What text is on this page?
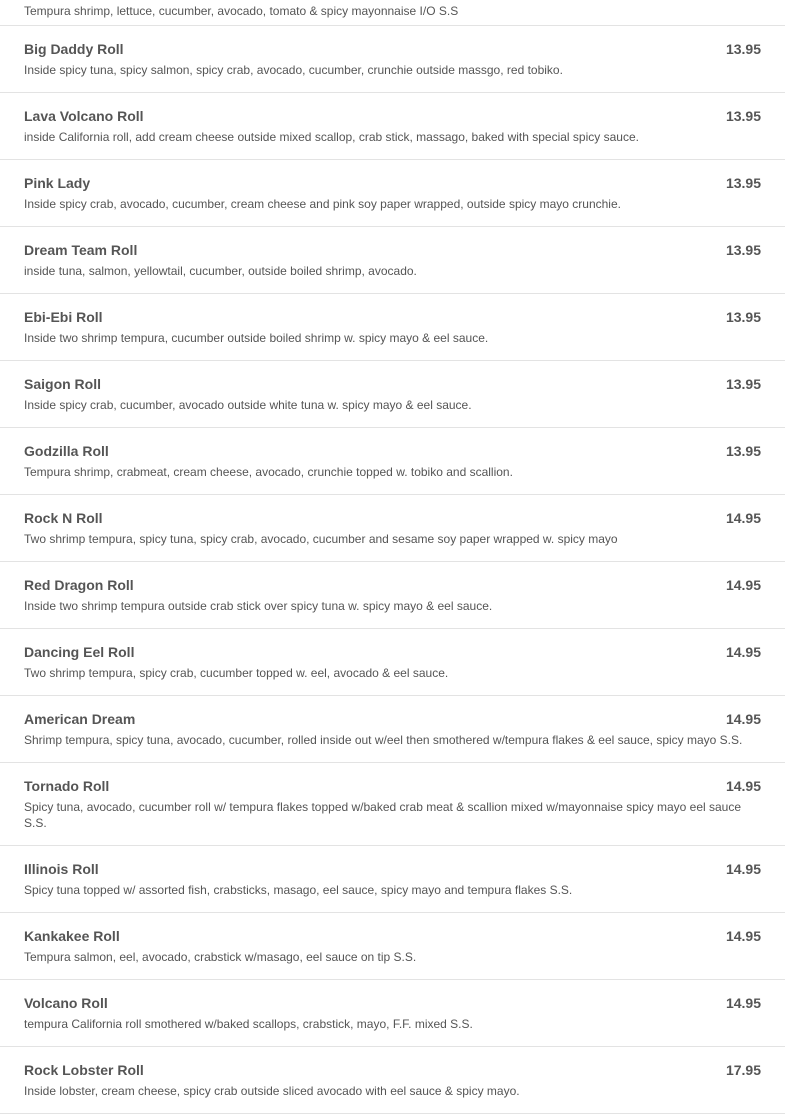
Tempura shrimp, lettuce, cucumber, avocado, tomato & spicy mayonnaise I/O S.S
Big Daddy Roll	13.95
Inside spicy tuna, spicy salmon, spicy crab, avocado, cucumber, crunchie outside massgo, red tobiko.
Lava Volcano Roll	13.95
inside California roll, add cream cheese outside mixed scallop, crab stick, massago, baked with special spicy sauce.
Pink Lady	13.95
Inside spicy crab, avocado, cucumber, cream cheese and pink soy paper wrapped, outside spicy mayo crunchie.
Dream Team Roll	13.95
inside tuna, salmon, yellowtail, cucumber, outside boiled shrimp, avocado.
Ebi-Ebi Roll	13.95
Inside two shrimp tempura, cucumber outside boiled shrimp w. spicy mayo & eel sauce.
Saigon Roll	13.95
Inside spicy crab, cucumber, avocado outside white tuna w. spicy mayo & eel sauce.
Godzilla Roll	13.95
Tempura shrimp, crabmeat, cream cheese, avocado, crunchie topped w. tobiko and scallion.
Rock N Roll	14.95
Two shrimp tempura, spicy tuna, spicy crab, avocado, cucumber and sesame soy paper wrapped w. spicy mayo
Red Dragon Roll	14.95
Inside two shrimp tempura outside crab stick over spicy tuna w. spicy mayo & eel sauce.
Dancing Eel Roll	14.95
Two shrimp tempura, spicy crab, cucumber topped w. eel, avocado & eel sauce.
American Dream	14.95
Shrimp tempura, spicy tuna, avocado, cucumber, rolled inside out w/eel then smothered w/tempura flakes & eel sauce, spicy mayo S.S.
Tornado Roll	14.95
Spicy tuna, avocado, cucumber roll w/ tempura flakes topped w/baked crab meat & scallion mixed w/mayonnaise spicy mayo eel sauce S.S.
Illinois Roll	14.95
Spicy tuna topped w/ assorted fish, crabsticks, masago, eel sauce, spicy mayo and tempura flakes S.S.
Kankakee Roll	14.95
Tempura salmon, eel, avocado, crabstick w/masago, eel sauce on tip S.S.
Volcano Roll	14.95
tempura California roll smothered w/baked scallops, crabstick, mayo, F.F. mixed S.S.
Rock Lobster Roll	17.95
Inside lobster, cream cheese, spicy crab outside sliced avocado with eel sauce & spicy mayo.
